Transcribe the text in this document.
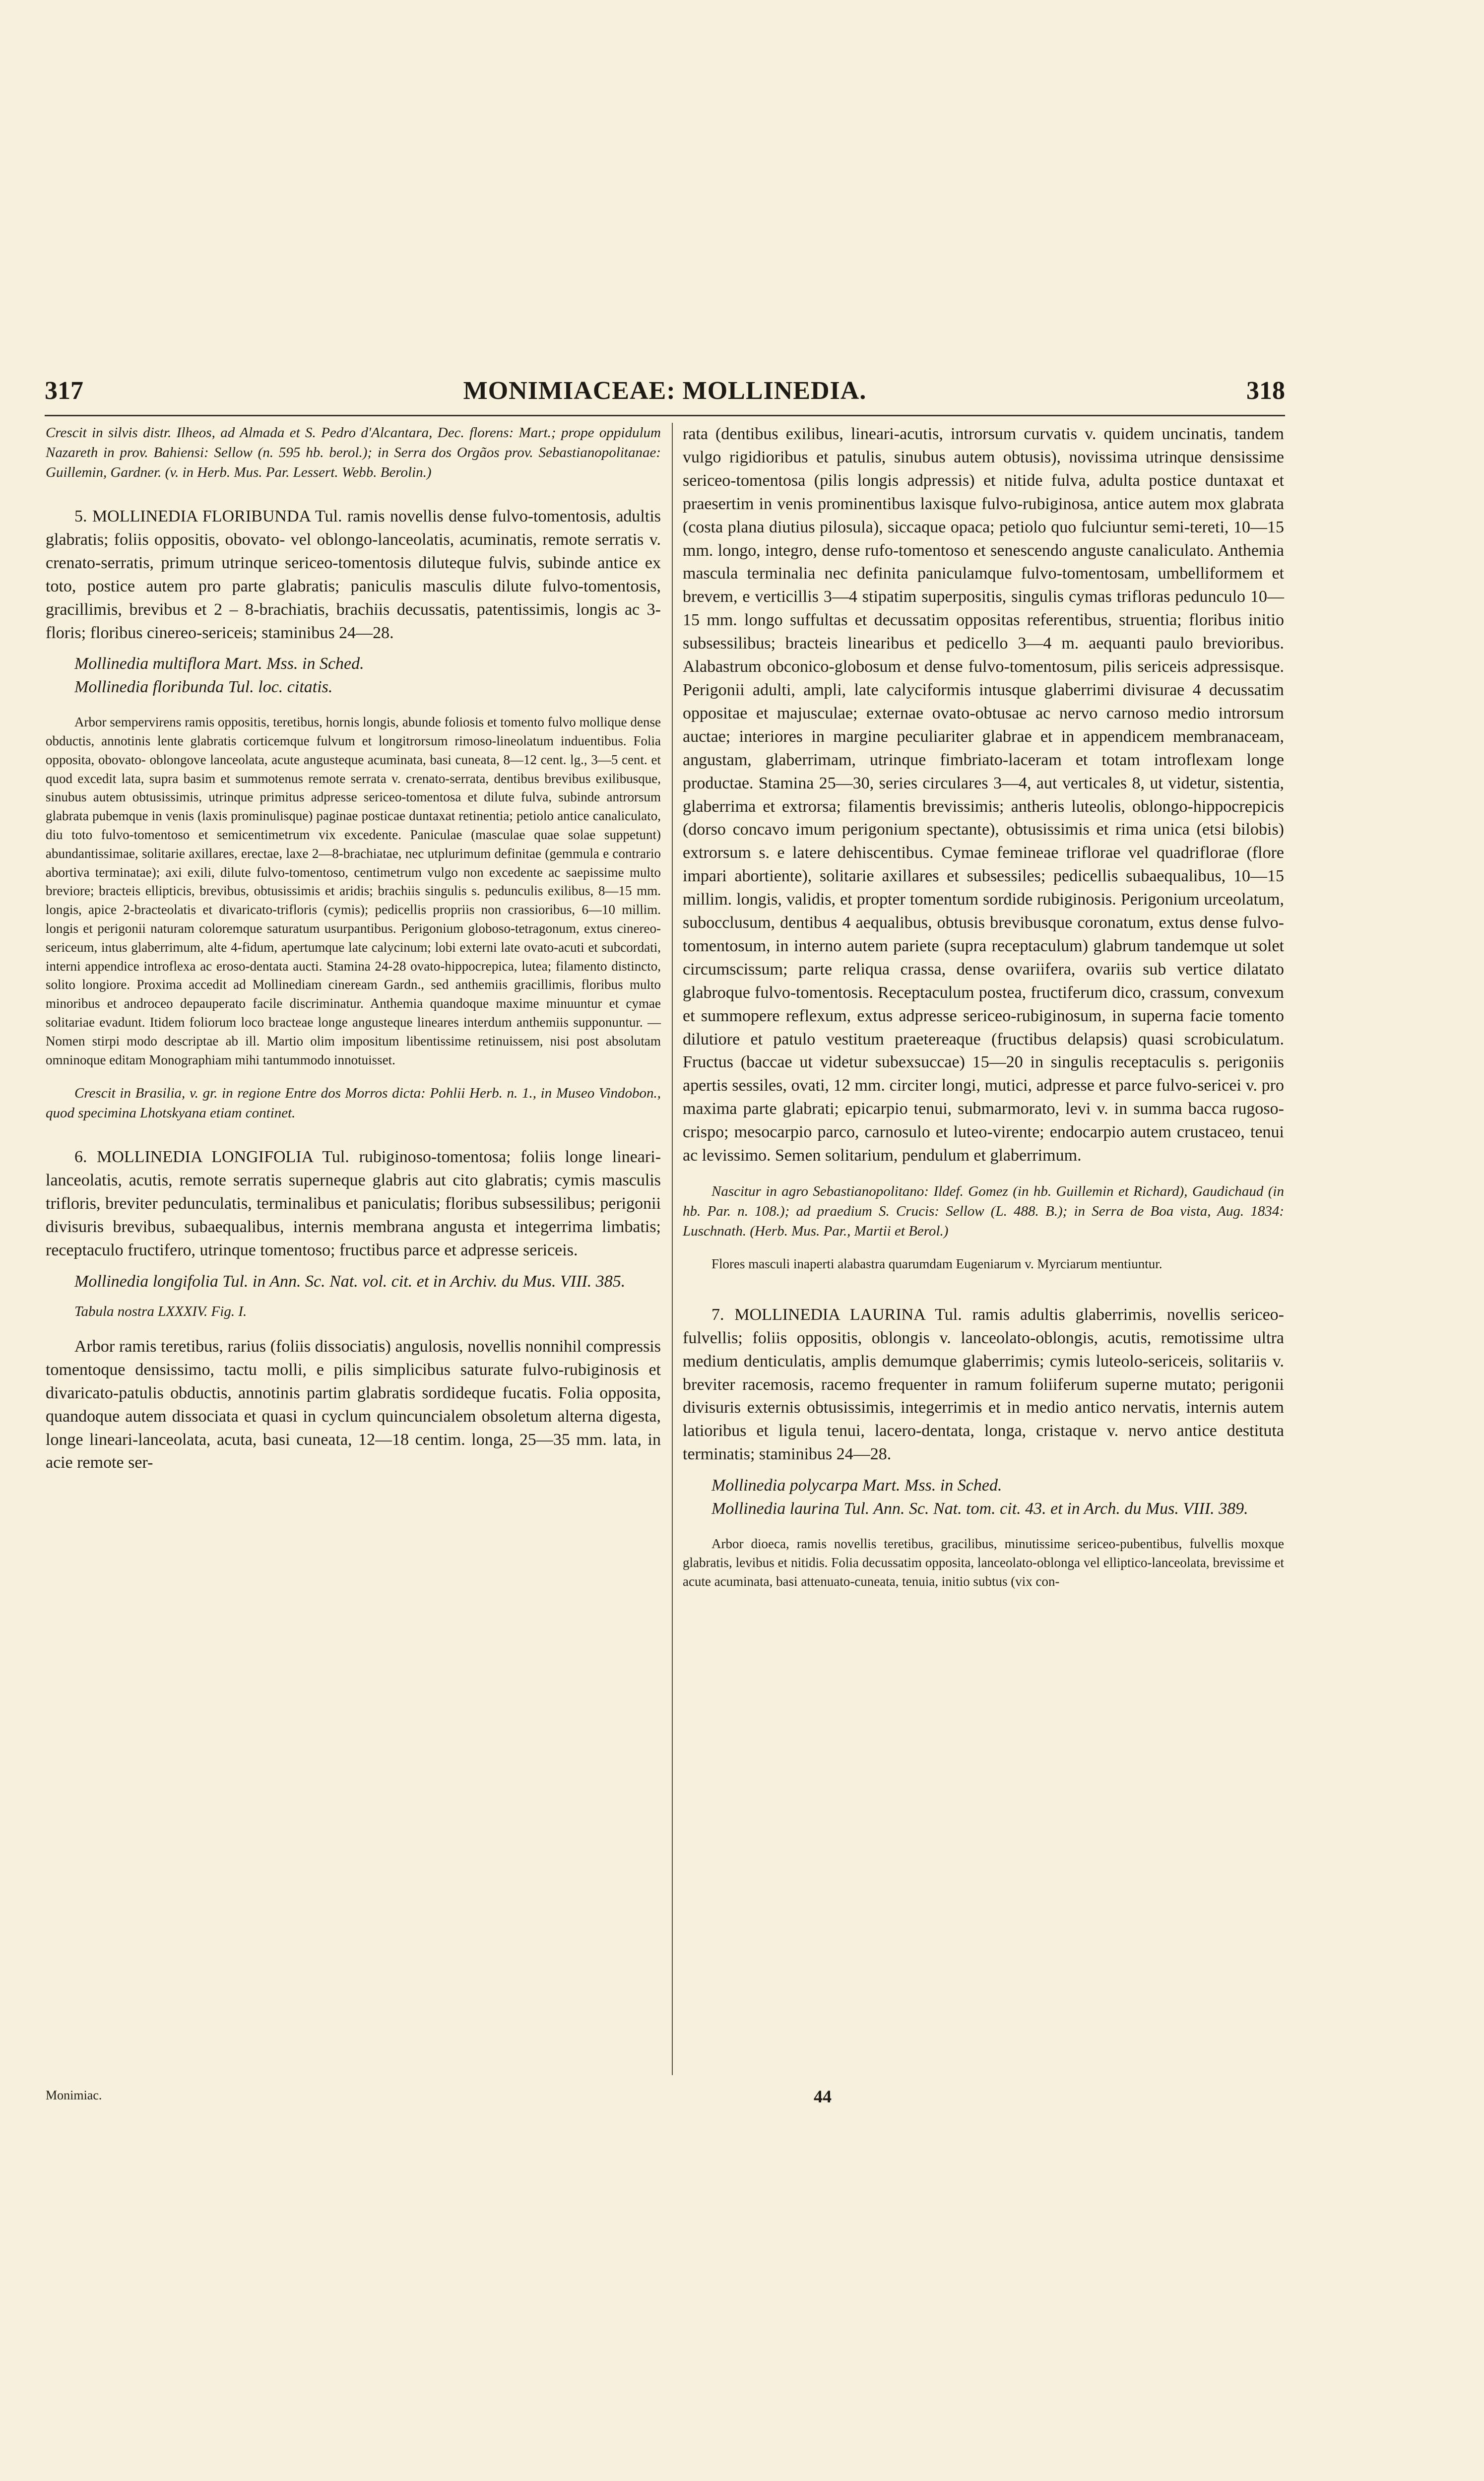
317	MONIMIACEAE: MOLLINEDIA.	318

Crescit in silvis distr. Ilheos, ad Almada et S. Pedro d'Alcantara, Dec. florens: Mart.; prope oppidulum Nazareth in prov. Bahiensi: Sellow (n. 595 hb. berol.); in Serra dos Orgãos prov. Sebastianopolitanae: Guillemin, Gardner. (v. in Herb. Mus. Par. Lessert. Webb. Berolin.)

5. MOLLINEDIA FLORIBUNDA Tul. ramis novellis dense fulvo-tomentosis, adultis glabratis; foliis oppositis, obovato- vel oblongo-lanceolatis, acuminatis, remote serratis v. crenato-serratis, primum utrinque sericeo-tomentosis diluteque fulvis, subinde antice ex toto, postice autem pro parte glabratis; paniculis masculis dilute fulvo-tomentosis, gracillimis, brevibus et 2 – 8-brachiatis, brachiis decussatis, patentissimis, longis ac 3-floris; floribus cinereo-sericeis; staminibus 24—28.

Mollinedia multiflora Mart. Mss. in Sched.

Mollinedia floribunda Tul. loc. citatis.

Arbor sempervirens ramis oppositis, teretibus, hornis longis, abunde foliosis et tomento fulvo mollique dense obductis, annotinis lente glabratis corticemque fulvum et longitrorsum rimoso-lineolatum induentibus. Folia opposita, obovato- oblongove lanceolata, acute angusteque acuminata, basi cuneata, 8—12 cent. lg., 3—5 cent. et quod excedit lata, supra basim et summotenus remote serrata v. crenato-serrata, dentibus brevibus exilibusque, sinubus autem obtusissimis, utrinque primitus adpresse sericeo-tomentosa et dilute fulva, subinde antrorsum glabrata pubemque in venis (laxis prominulisque) paginae posticae duntaxat retinentia; petiolo antice canaliculato, diu toto fulvo-tomentoso et semicentimetrum vix excedente. Paniculae (masculae quae solae suppetunt) abundantissimae, solitarie axillares, erectae, laxe 2—8-brachiatae, nec utplurimum definitae (gemmula e contrario abortiva terminatae); axi exili, dilute fulvo-tomentoso, centimetrum vulgo non excedente ac saepissime multo breviore; bracteis ellipticis, brevibus, obtusissimis et aridis; brachiis singulis s. pedunculis exilibus, 8—15 mm. longis, apice 2-bracteolatis et divaricato-trifloris (cymis); pedicellis propriis non crassioribus, 6—10 millim. longis et perigonii naturam coloremque saturatum usurpantibus. Perigonium globoso-tetragonum, extus cinereo-sericeum, intus glaberrimum, alte 4-fidum, apertumque late calycinum; lobi externi late ovato-acuti et subcordati, interni appendice introflexa ac eroso-dentata aucti. Stamina 24-28 ovato-hippocrepica, lutea; filamento distincto, solito longiore. Proxima accedit ad Mollinediam cineream Gardn., sed anthemiis gracillimis, floribus multo minoribus et androceo depauperato facile discriminatur. Anthemia quandoque maxime minuuntur et cymae solitariae evadunt. Itidem foliorum loco bracteae longe angusteque lineares interdum anthemiis supponuntur. — Nomen stirpi modo descriptae ab ill. Martio olim impositum libentissime retinuissem, nisi post absolutam omninoque editam Monographiam mihi tantummodo innotuisset.

Crescit in Brasilia, v. gr. in regione Entre dos Morros dicta: Pohlii Herb. n. 1., in Museo Vindobon., quod specimina Lhotskyana etiam continet.

6. MOLLINEDIA LONGIFOLIA Tul. rubiginoso-tomentosa; foliis longe lineari-lanceolatis, acutis, remote serratis superneque glabris aut cito glabratis; cymis masculis trifloris, breviter pedunculatis, terminalibus et paniculatis; floribus subsessilibus; perigonii divisuris brevibus, subaequalibus, internis membrana angusta et integerrima limbatis; receptaculo fructifero, utrinque tomentoso; fructibus parce et adpresse sericeis.

Mollinedia longifolia Tul. in Ann. Sc. Nat. vol. cit. et in Archiv. du Mus. VIII. 385.

Tabula nostra LXXXIV. Fig. I.

Arbor ramis teretibus, rarius (foliis dissociatis) angulosis, novellis nonnihil compressis tomentoque densissimo, tactu molli, e pilis simplicibus saturate fulvo-rubiginosis et divaricato-patulis obductis, annotinis partim glabratis sordideque fucatis. Folia opposita, quandoque autem dissociata et quasi in cyclum quincuncialem obsoletum alterna digesta, longe lineari-lanceolata, acuta, basi cuneata, 12—18 centim. longa, 25—35 mm. lata, in acie remote ser-

rata (dentibus exilibus, lineari-acutis, introrsum curvatis v. quidem uncinatis, tandem vulgo rigidioribus et patulis, sinubus autem obtusis), novissima utrinque densissime sericeo-tomentosa (pilis longis adpressis) et nitide fulva, adulta postice duntaxat et praesertim in venis prominentibus laxisque fulvo-rubiginosa, antice autem mox glabrata (costa plana diutius pilosula), siccaque opaca; petiolo quo fulciuntur semi-tereti, 10—15 mm. longo, integro, dense rufo-tomentoso et senescendo anguste canaliculato. Anthemia mascula terminalia nec definita paniculamque fulvo-tomentosam, umbelliformem et brevem, e verticillis 3—4 stipatim superpositis, singulis cymas trifloras pedunculo 10—15 mm. longo suffultas et decussatim oppositas referentibus, struentia; floribus initio subsessilibus; bracteis linearibus et pedicello 3—4 m. aequanti paulo brevioribus. Alabastrum obconico-globosum et dense fulvo-tomentosum, pilis sericeis adpressisque. Perigonii adulti, ampli, late calyciformis intusque glaberrimi divisurae 4 decussatim oppositae et majusculae; externae ovato-obtusae ac nervo carnoso medio introrsum auctae; interiores in margine peculiariter glabrae et in appendicem membranaceam, angustam, glaberrimam, utrinque fimbriato-laceram et totam introflexam longe productae. Stamina 25—30, series circulares 3—4, aut verticales 8, ut videtur, sistentia, glaberrima et extrorsa; filamentis brevissimis; antheris luteolis, oblongo-hippocrepicis (dorso concavo imum perigonium spectante), obtusissimis et rima unica (etsi bilobis) extrorsum s. e latere dehiscentibus. Cymae femineae triflorae vel quadriflorae (flore impari abortiente), solitarie axillares et subsessiles; pedicellis subaequalibus, 10—15 millim. longis, validis, et propter tomentum sordide rubiginosis. Perigonium urceolatum, subocclusum, dentibus 4 aequalibus, obtusis brevibusque coronatum, extus dense fulvo-tomentosum, in interno autem pariete (supra receptaculum) glabrum tandemque ut solet circumscissum; parte reliqua crassa, dense ovariifera, ovariis sub vertice dilatato glabroque fulvo-tomentosis. Receptaculum postea, fructiferum dico, crassum, convexum et summopere reflexum, extus adpresse sericeo-rubiginosum, in superna facie tomento dilutiore et patulo vestitum praetereaque (fructibus delapsis) quasi scrobiculatum. Fructus (baccae ut videtur subexsuccae) 15—20 in singulis receptaculis s. perigoniis apertis sessiles, ovati, 12 mm. circiter longi, mutici, adpresse et parce fulvo-sericei v. pro maxima parte glabrati; epicarpio tenui, submarmorato, levi v. in summa bacca rugoso-crispo; mesocarpio parco, carnosulo et luteo-virente; endocarpio autem crustaceo, tenui ac levissimo. Semen solitarium, pendulum et glaberrimum.

Nascitur in agro Sebastianopolitano: Ildef. Gomez (in hb. Guillemin et Richard), Gaudichaud (in hb. Par. n. 108.); ad praedium S. Crucis: Sellow (L. 488. B.); in Serra de Boa vista, Aug. 1834: Luschnath. (Herb. Mus. Par., Martii et Berol.)

Flores masculi inaperti alabastra quarumdam Eugeniarum v. Myrciarum mentiuntur.

7. MOLLINEDIA LAURINA Tul. ramis adultis glaberrimis, novellis sericeo-fulvellis; foliis oppositis, oblongis v. lanceolato-oblongis, acutis, remotissime ultra medium denticulatis, amplis demumque glaberrimis; cymis luteolo-sericeis, solitariis v. breviter racemosis, racemo frequenter in ramum foliiferum superne mutato; perigonii divisuris externis obtusissimis, integerrimis et in medio antico nervatis, internis autem latioribus et ligula tenui, lacero-dentata, longa, cristaque v. nervo antice destituta terminatis; staminibus 24—28.

Mollinedia polycarpa Mart. Mss. in Sched.

Mollinedia laurina Tul. Ann. Sc. Nat. tom. cit. 43. et in Arch. du Mus. VIII. 389.

Arbor dioeca, ramis novellis teretibus, gracilibus, minutissime sericeo-pubentibus, fulvellis moxque glabratis, levibus et nitidis. Folia decussatim opposita, lanceolato-oblonga vel elliptico-lanceolata, brevissime et acute acuminata, basi attenuato-cuneata, tenuia, initio subtus (vix con-

Monimiac.	44
